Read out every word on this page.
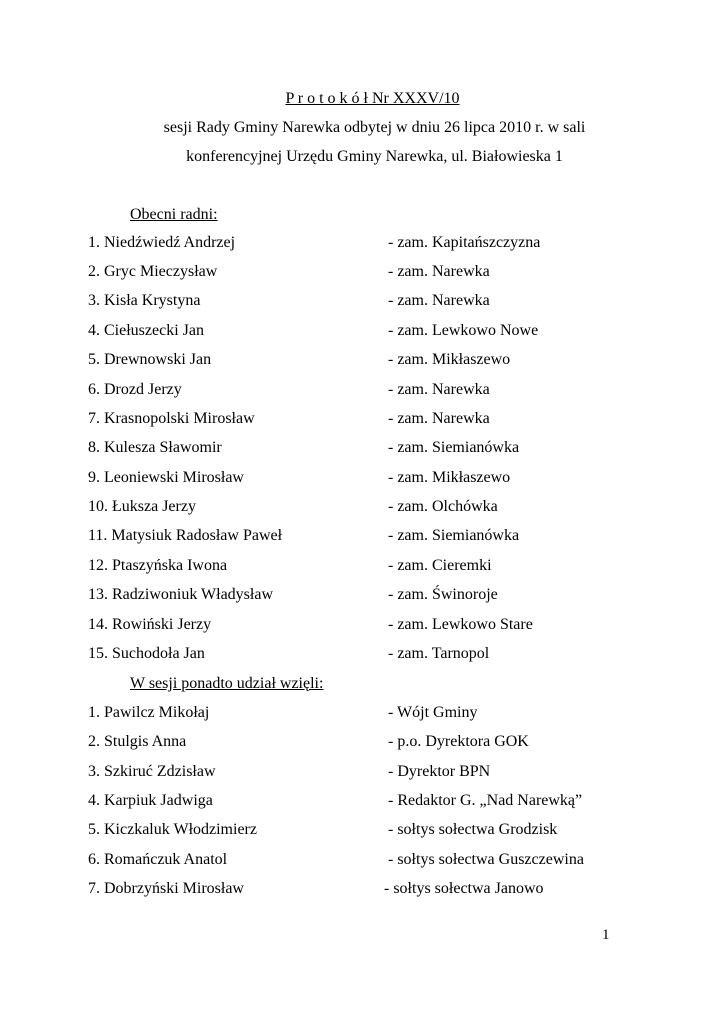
P r o t o k ó ł Nr XXXV/10
sesji Rady Gminy Narewka odbytej w dniu 26 lipca 2010 r. w sali
konferencyjnej Urzędu Gminy Narewka, ul. Białowieska 1
Obecni radni:
1. Niedźwiedź Andrzej	- zam. Kapitańszczyzna
2. Gryc Mieczysław	- zam. Narewka
3. Kisła Krystyna	- zam. Narewka
4. Ciełuszecki Jan	- zam. Lewkowo Nowe
5. Drewnowski Jan	- zam. Mikłaszewo
6. Drozd Jerzy	- zam. Narewka
7. Krasnopolski Mirosław	- zam. Narewka
8. Kulesza Sławomir	- zam. Siemianówka
9. Leoniewski Mirosław	- zam. Mikłaszewo
10. Łuksza Jerzy	- zam. Olchówka
11. Matysiuk Radosław Paweł	- zam. Siemianówka
12. Ptaszyńska Iwona	- zam. Cieremki
13. Radziwoniuk Władysław	- zam. Świnoroje
14. Rowiński Jerzy	- zam. Lewkowo Stare
15. Suchodoła Jan	- zam. Tarnopol
W sesji ponadto udział wzięli:
1. Pawilcz Mikołaj	- Wójt Gminy
2. Stulgis Anna	- p.o. Dyrektora GOK
3. Szkiruć Zdzisław	- Dyrektor BPN
4. Karpiuk Jadwiga	- Redaktor G. „Nad Narewką”
5. Kiczkaluk Włodzimierz	- sołtys sołectwa Grodzisk
6. Romańczuk Anatol	- sołtys sołectwa Guszczewina
7. Dobrzyński Mirosław	- sołtys sołectwa Janowo
1
